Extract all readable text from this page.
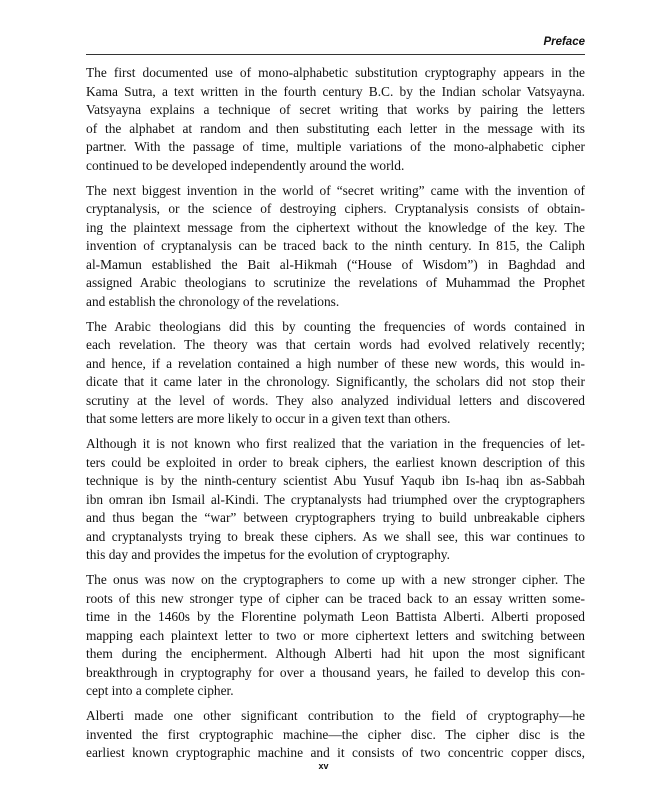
Preface

The first documented use of mono-alphabetic substitution cryptography appears in the
Kama Sutra, a text written in the fourth century B.C. by the Indian scholar Vatsyayna.
Vatsyayna explains a technique of secret writing that works by pairing the letters
of the alphabet at random and then substituting each letter in the message with its
partner. With the passage of time, multiple variations of the mono-alphabetic cipher
continued to be developed independently around the world.

The next biggest invention in the world of “secret writing” came with the invention of
cryptanalysis, or the science of destroying ciphers. Cryptanalysis consists of obtain-
ing the plaintext message from the ciphertext without the knowledge of the key. The
invention of cryptanalysis can be traced back to the ninth century. In 815, the Caliph
al-Mamun established the Bait al-Hikmah (“House of Wisdom”) in Baghdad and
assigned Arabic theologians to scrutinize the revelations of Muhammad the Prophet
and establish the chronology of the revelations.

The Arabic theologians did this by counting the frequencies of words contained in
each revelation. The theory was that certain words had evolved relatively recently;
and hence, if a revelation contained a high number of these new words, this would in-
dicate that it came later in the chronology. Significantly, the scholars did not stop their
scrutiny at the level of words. They also analyzed individual letters and discovered
that some letters are more likely to occur in a given text than others.

Although it is not known who first realized that the variation in the frequencies of let-
ters could be exploited in order to break ciphers, the earliest known description of this
technique is by the ninth-century scientist Abu Yusuf Yaqub ibn Is-haq ibn as-Sabbah
ibn omran ibn Ismail al-Kindi. The cryptanalysts had triumphed over the cryptographers
and thus began the “war” between cryptographers trying to build unbreakable ciphers
and cryptanalysts trying to break these ciphers. As we shall see, this war continues to
this day and provides the impetus for the evolution of cryptography.

The onus was now on the cryptographers to come up with a new stronger cipher. The
roots of this new stronger type of cipher can be traced back to an essay written some-
time in the 1460s by the Florentine polymath Leon Battista Alberti. Alberti proposed
mapping each plaintext letter to two or more ciphertext letters and switching between
them during the encipherment. Although Alberti had hit upon the most significant
breakthrough in cryptography for over a thousand years, he failed to develop this con-
cept into a complete cipher.

Alberti made one other significant contribution to the field of cryptography—he
invented the first cryptographic machine—the cipher disc. The cipher disc is the
earliest known cryptographic machine and it consists of two concentric copper discs,

xv
